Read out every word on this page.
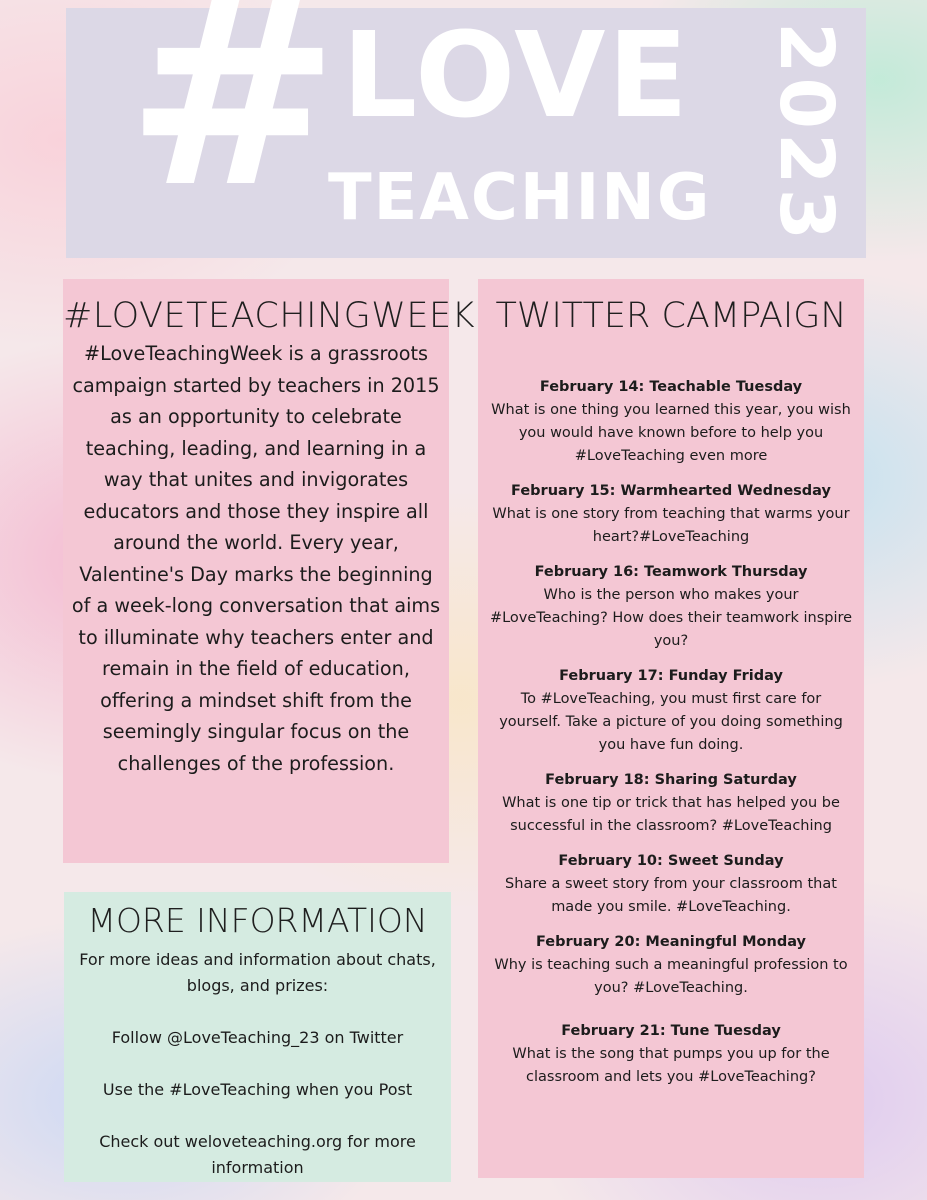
# LOVE
TEACHING 2023
#LOVETEACHINGWEEK
#LoveTeachingWeek is a grassroots campaign started by teachers in 2015 as an opportunity to celebrate teaching, leading, and learning in a way that unites and invigorates educators and those they inspire all around the world. Every year, Valentine's Day marks the beginning of a week-long conversation that aims to illuminate why teachers enter and remain in the field of education, offering a mindset shift from the seemingly singular focus on the challenges of the profession.
MORE INFORMATION

For more ideas and information about chats, blogs, and prizes:

Follow @LoveTeaching_23 on Twitter

Use the #LoveTeaching when you Post

Check out weloveteaching.org for more information

TWITTER CAMPAIGN
February 14: Teachable Tuesday

What is one thing you learned this year, you wish you would have known before to help you #LoveTeaching even more

February 15: Warmhearted Wednesday

What is one story from teaching that warms your heart?#LoveTeaching

February 16: Teamwork Thursday

Who is the person who makes your #LoveTeaching? How does their teamwork inspire you?

February 17: Funday Friday

To #LoveTeaching, you must first care for yourself. Take a picture of you doing something you have fun doing.

February 18: Sharing Saturday

What is one tip or trick that has helped you be successful in the classroom? #LoveTeaching

February 10: Sweet Sunday

Share a sweet story from your classroom that made you smile. #LoveTeaching.

February 20: Meaningful Monday

Why is teaching such a meaningful profession to you? #LoveTeaching.

February 21: Tune Tuesday

What is the song that pumps you up for the classroom and lets you #LoveTeaching?
